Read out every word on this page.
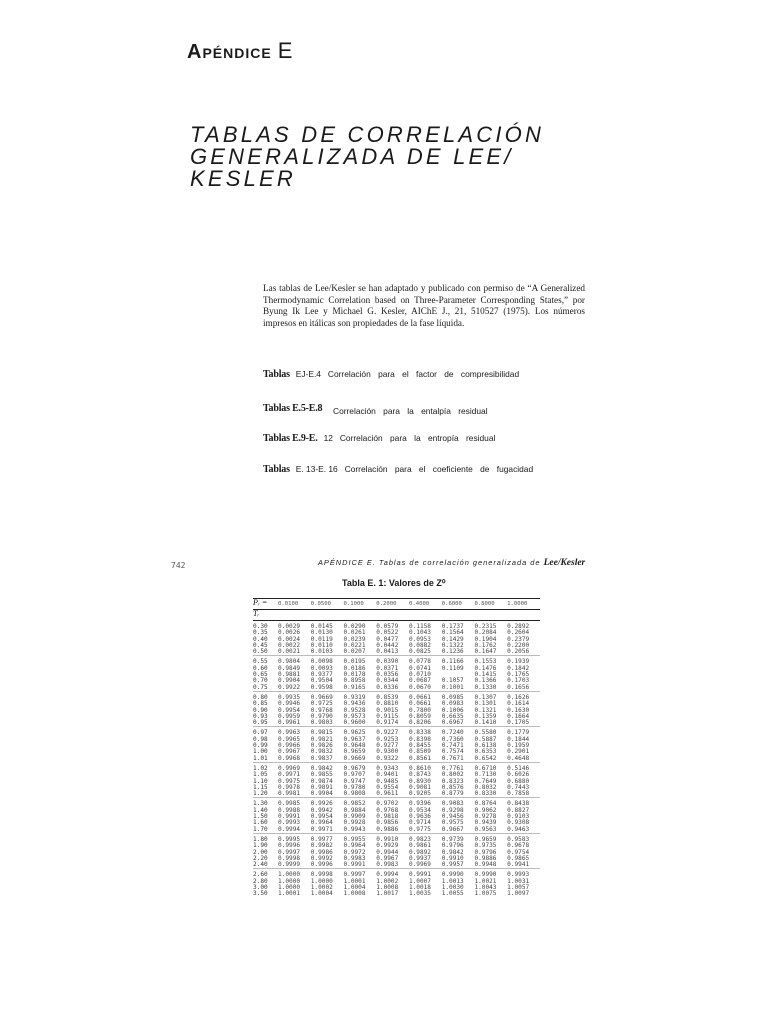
Apéndice E
TABLAS DE CORRELACIÓN
GENERALIZADA DE LEE/
KESLER

Las tablas de Lee/Kesler se han adaptado y publicado con permiso de “A Generalized Thermodynamic Correlation based on Three-Parameter Corresponding States,” por Byung Ik Lee y Michael G. Kesler, AIChE J., 21, 510527 (1975). Los números impresos en itálicas son propiedades de la fase líquida.

Tablas EJ-E.4 Correlación para el factor de compresibilidad
Tablas E.5-E.8 Correlación para la entalpía residual
Tablas E.9-E. 12 Correlación para la entropía residual
Tablas E. 13-E. 16 Correlación para el coeficiente de fugacidad
742	APÉNDICE E. Tablas de correlación generalizada de Lee/Kesler
Tabla E. 1: Valores de Z⁰
Pᵣ =	0.0100	0.0500	0.1000	0.2000	0.4000	0.6000	0.8000	1.0000
Tᵣ								
0.30	0.0029	0.0145	0.0290	0.0579	0.1158	0.1737	0.2315	0.2892
0.35	0.0026	0.0130	0.0261	0.0522	0.1043	0.1564	0.2084	0.2604
0.40	0.0024	0.0119	0.0239	0.0477	0.0953	0.1429	0.1904	0.2379
0.45	0.0022	0.0110	0.0221	0.0442	0.0882	0.1322	0.1762	0.2200
0.50	0.0021	0.0103	0.0207	0.0413	0.0825	0.1236	0.1647	0.2056
0.55	0.9804	0.0098	0.0195	0.0390	0.0778	0.1166	0.1553	0.1939
0.60	0.9849	0.0093	0.0186	0.0371	0.0741	0.1109	0.1476	0.1842
0.65	0.9881	0.9377	0.0178	0.0356	0.0710		0.1415	0.1765
0.70	0.9904	0.9504	0.8958	0.0344	0.0687	0.1057	0.1366	0.1703
0.75	0.9922	0.9598	0.9165	0.0336	0.0670	0.1001	0.1330	0.1656
0.80	0.9935	0.9669	0.9319	0.8539	0.0661	0.0985	0.1307	0.1626
0.85	0.9946	0.9725	0.9436	0.8810	0.0661	0.0983	0.1301	0.1614
0.90	0.9954	0.9768	0.9528	0.9015	0.7800	0.1006	0.1321	0.1630
0.93	0.9959	0.9790	0.9573	0.9115	0.8059	0.6635	0.1359	0.1664
0.95	0.9961	0.9803	0.9600	0.9174	0.8206	0.6967	0.1410	0.1705
0.97	0.9963	0.9815	0.9625	0.9227	0.8338	0.7240	0.5580	0.1779
0.98	0.9965	0.9821	0.9637	0.9253	0.8398	0.7360	0.5887	0.1844
0.99	0.9966	0.9826	0.9648	0.9277	0.8455	0.7471	0.6138	0.1959
1.00	0.9967	0.9832	0.9659	0.9300	0.8509	0.7574	0.6353	0.2901
1.01	0.9968	0.9837	0.9669	0.9322	0.8561	0.7671	0.6542	0.4648
1.02	0.9969	0.9842	0.9679	0.9343	0.8610	0.7761	0.6710	0.5146
1.05	0.9971	0.9855	0.9707	0.9401	0.8743	0.8002	0.7130	0.6026
1.10	0.9975	0.9874	0.9747	0.9485	0.8930	0.8323	0.7649	0.6880
1.15	0.9978	0.9891	0.9780	0.9554	0.9081	0.8576	0.8032	0.7443
1.20	0.9981	0.9904	0.9808	0.9611	0.9205	0.8779	0.8330	0.7858
1.30	0.9985	0.9926	0.9852	0.9702	0.9396	0.9083	0.8764	0.8438
1.40	0.9988	0.9942	0.9884	0.9768	0.9534	0.9298	0.9062	0.8827
1.50	0.9991	0.9954	0.9909	0.9818	0.9636	0.9456	0.9278	0.9103
1.60	0.9993	0.9964	0.9928	0.9856	0.9714	0.9575	0.9439	0.9308
1.70	0.9994	0.9971	0.9943	0.9886	0.9775	0.9667	0.9563	0.9463
1.80	0.9995	0.9977	0.9955	0.9910	0.9823	0.9739	0.9659	0.9583
1.90	0.9996	0.9982	0.9964	0.9929	0.9861	0.9796	0.9735	0.9678
2.00	0.9997	0.9986	0.9972	0.9944	0.9892	0.9842	0.9796	0.9754
2.20	0.9998	0.9992	0.9983	0.9967	0.9937	0.9910	0.9886	0.9865
2.40	0.9999	0.9996	0.9991	0.9983	0.9969	0.9957	0.9948	0.9941
2.60	1.0000	0.9998	0.9997	0.9994	0.9991	0.9990	0.9990	0.9993
2.80	1.0000	1.0000	1.0001	1.0002	1.0007	1.0013	1.0021	1.0031
3.00	1.0000	1.0002	1.0004	1.0008	1.0018	1.0030	1.0043	1.0057
3.50	1.0001	1.0004	1.0008	1.0017	1.0035	1.0055	1.0075	1.0097
